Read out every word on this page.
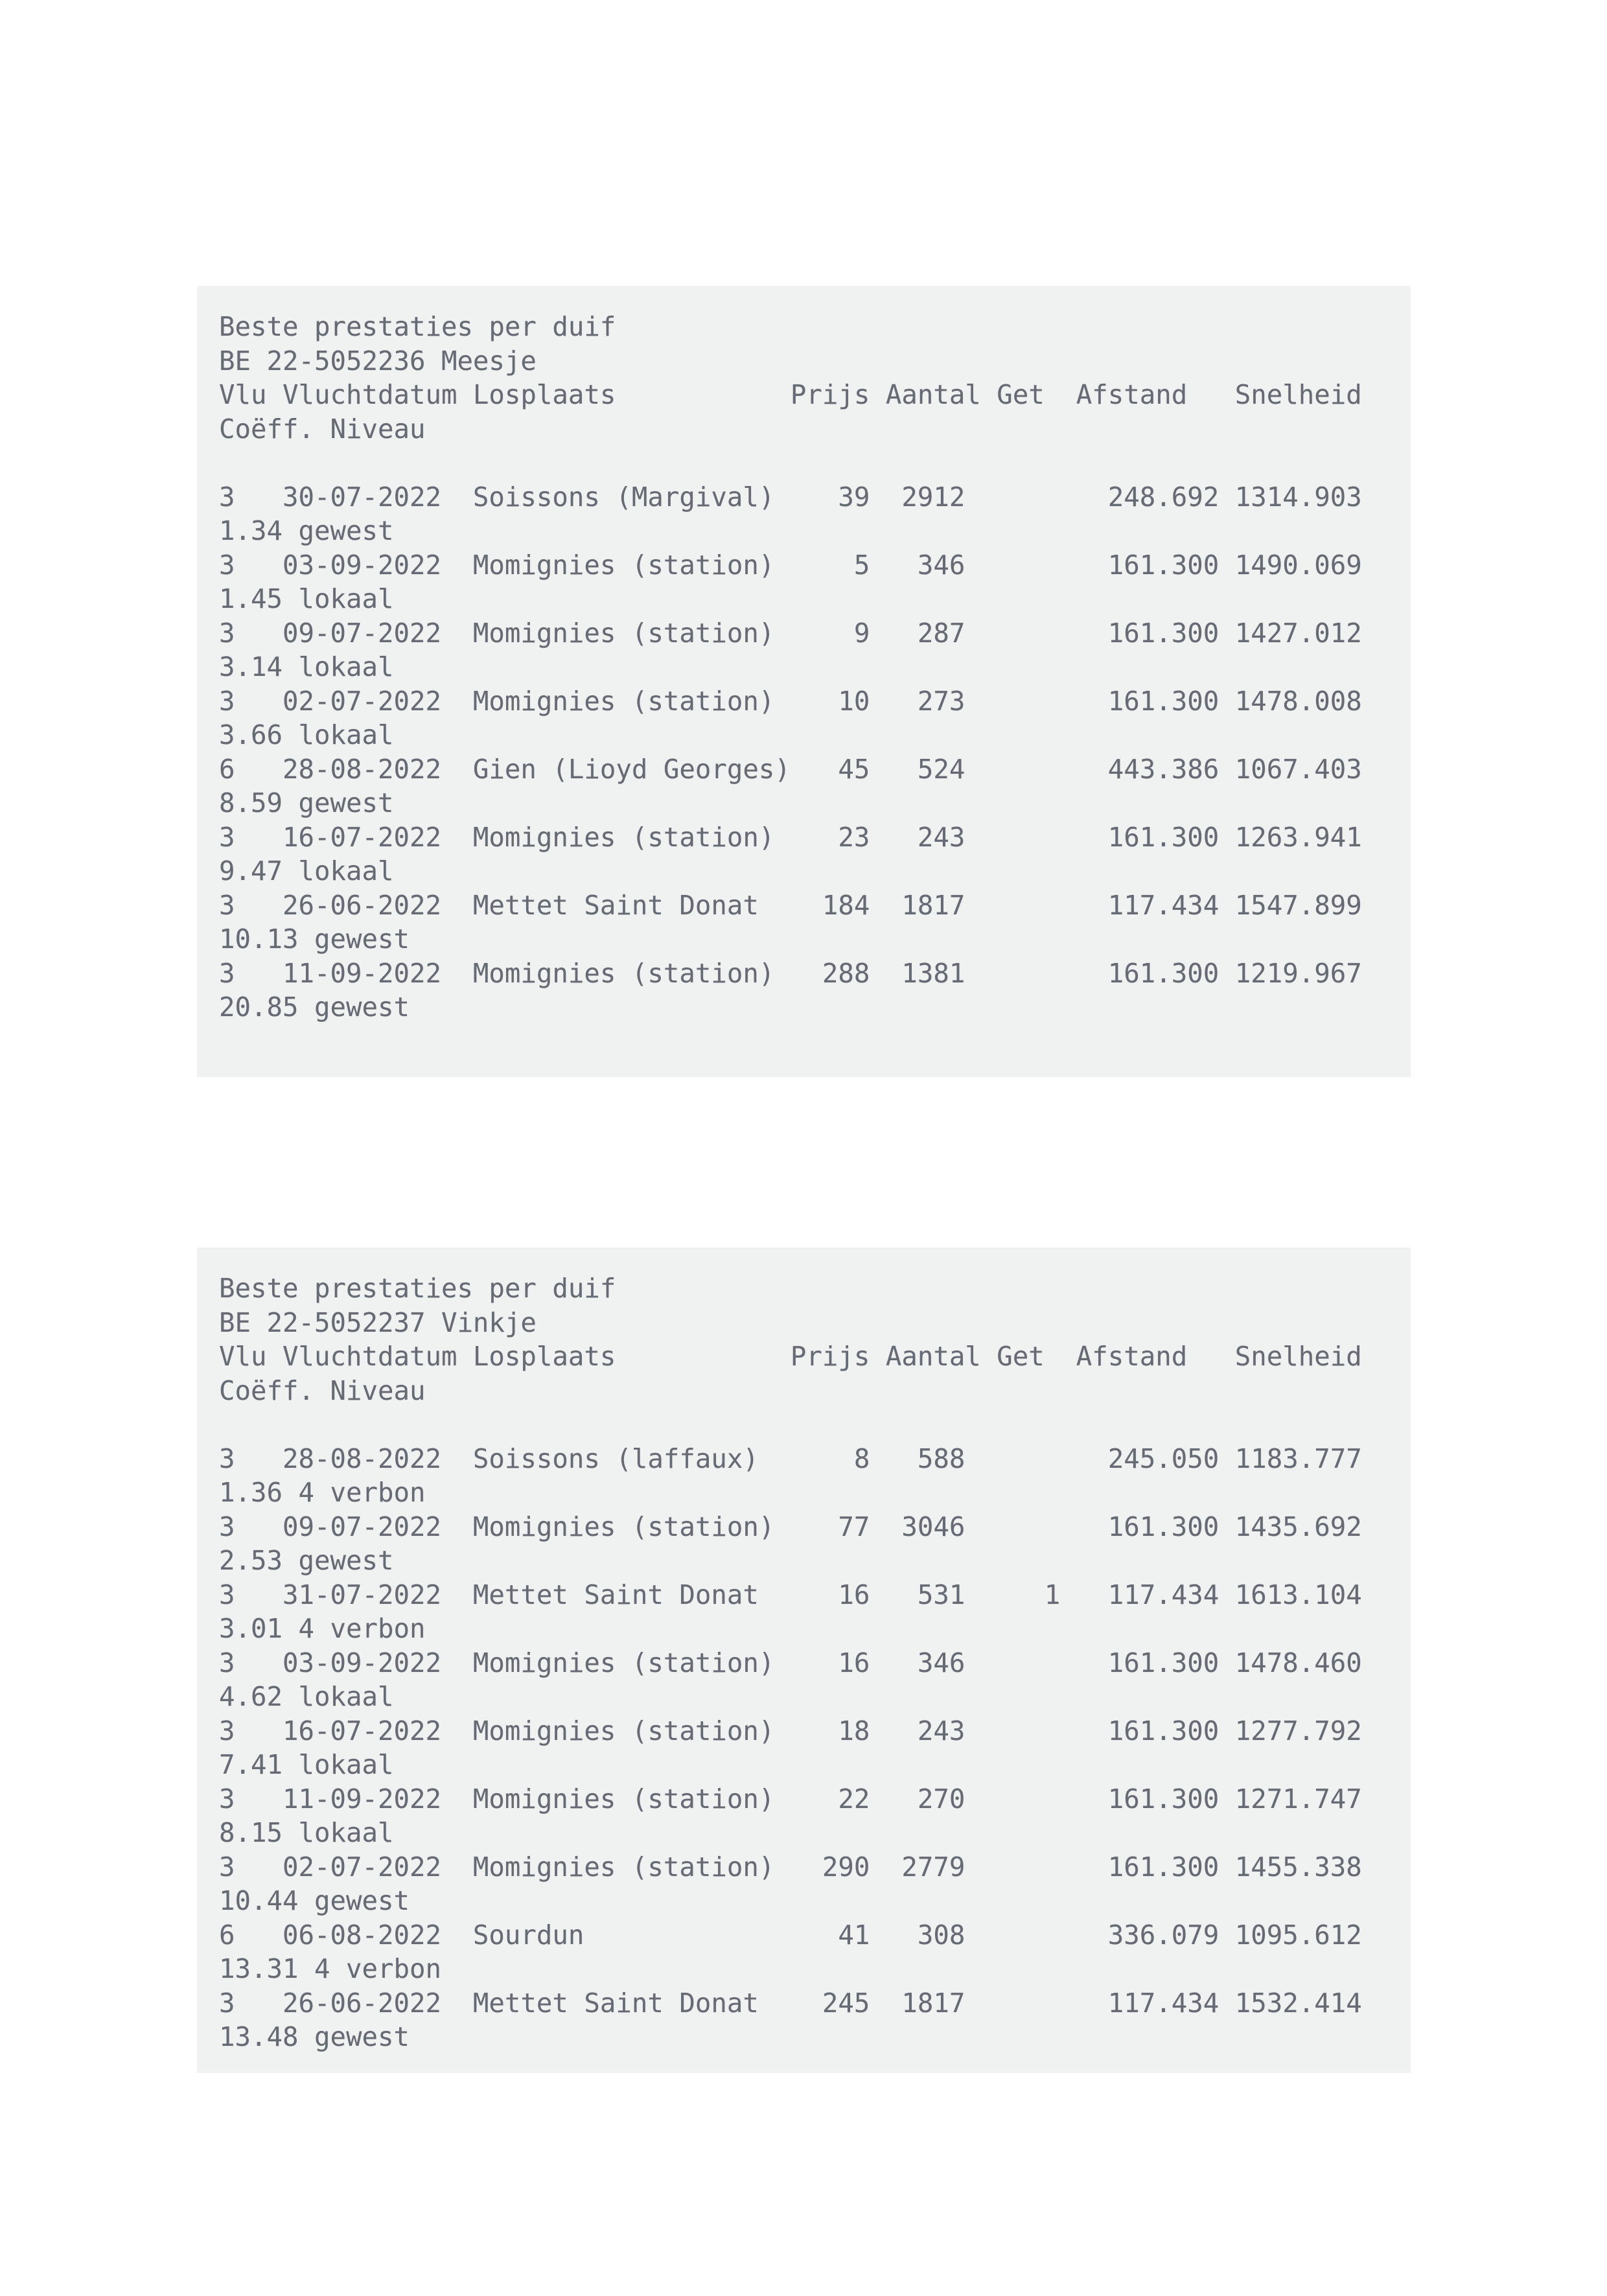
Beste prestaties per duif
BE 22-5052236 Meesje
Vlu Vluchtdatum Losplaats           Prijs Aantal Get  Afstand   Snelheid
Coëff. Niveau
3   30-07-2022  Soissons (Margival)    39  2912         248.692 1314.903
1.34 gewest
3   03-09-2022  Momignies (station)     5   346         161.300 1490.069
1.45 lokaal
3   09-07-2022  Momignies (station)     9   287         161.300 1427.012
3.14 lokaal
3   02-07-2022  Momignies (station)    10   273         161.300 1478.008
3.66 lokaal
6   28-08-2022  Gien (Lioyd Georges)   45   524         443.386 1067.403
8.59 gewest
3   16-07-2022  Momignies (station)    23   243         161.300 1263.941
9.47 lokaal
3   26-06-2022  Mettet Saint Donat    184  1817         117.434 1547.899
10.13 gewest
3   11-09-2022  Momignies (station)   288  1381         161.300 1219.967
20.85 gewest
Beste prestaties per duif
BE 22-5052237 Vinkje
Vlu Vluchtdatum Losplaats           Prijs Aantal Get  Afstand   Snelheid
Coëff. Niveau
3   28-08-2022  Soissons (laffaux)      8   588         245.050 1183.777
1.36 4 verbon
3   09-07-2022  Momignies (station)    77  3046         161.300 1435.692
2.53 gewest
3   31-07-2022  Mettet Saint Donat     16   531     1   117.434 1613.104
3.01 4 verbon
3   03-09-2022  Momignies (station)    16   346         161.300 1478.460
4.62 lokaal
3   16-07-2022  Momignies (station)    18   243         161.300 1277.792
7.41 lokaal
3   11-09-2022  Momignies (station)    22   270         161.300 1271.747
8.15 lokaal
3   02-07-2022  Momignies (station)   290  2779         161.300 1455.338
10.44 gewest
6   06-08-2022  Sourdun                41   308         336.079 1095.612
13.31 4 verbon
3   26-06-2022  Mettet Saint Donat    245  1817         117.434 1532.414
13.48 gewest
